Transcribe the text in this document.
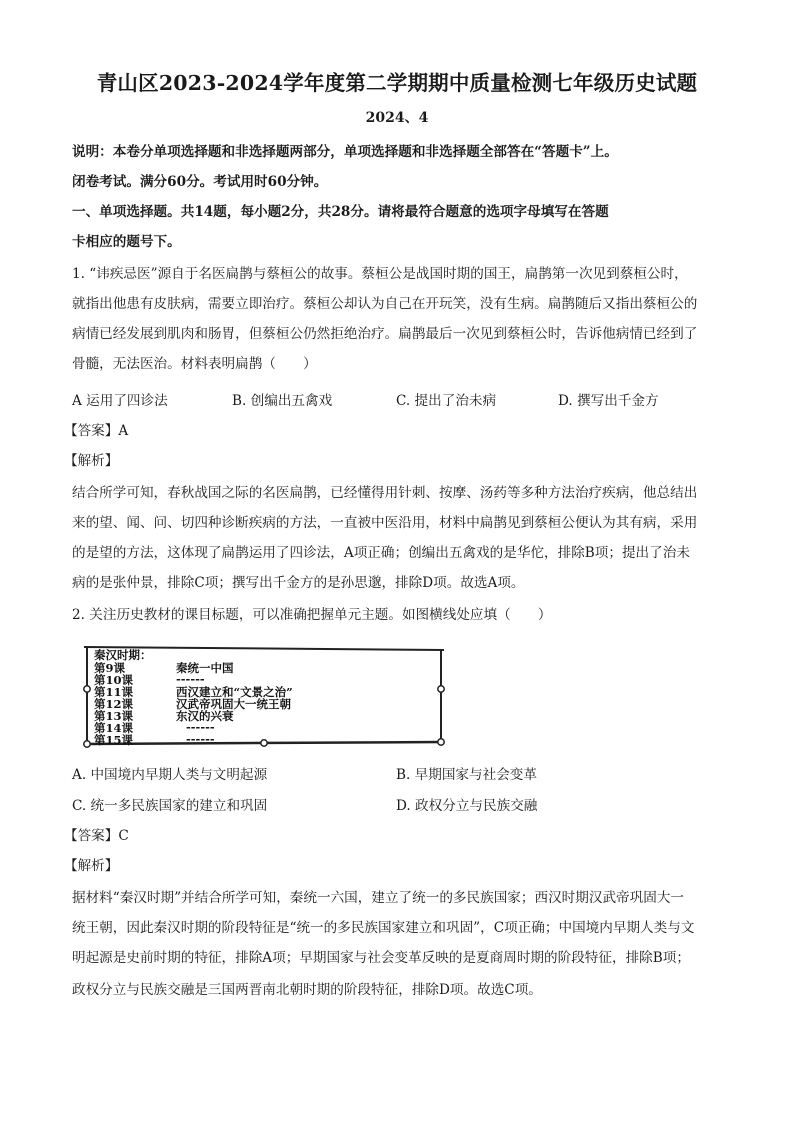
青山区2023-2024学年度第二学期期中质量检测七年级历史试题
2024、4
说明：本卷分单项选择题和非选择题两部分，单项选择题和非选择题全部答在“答题卡”上。
闭卷考试。满分60分。考试用时60分钟。
一、单项选择题。共14题，每小题2分，共28分。请将最符合题意的选项字母填写在答题
卡相应的题号下。
1. “讳疾忌医”源自于名医扁鹊与蔡桓公的故事。蔡桓公是战国时期的国王，扁鹊第一次见到蔡桓公时，
就指出他患有皮肤病，需要立即治疗。蔡桓公却认为自己在开玩笑，没有生病。扁鹊随后又指出蔡桓公的
病情已经发展到肌肉和肠胃，但蔡桓公仍然拒绝治疗。扁鹊最后一次见到蔡桓公时，告诉他病情已经到了
骨髓，无法医治。材料表明扁鹊（　　）
A 运用了四诊法	B. 创编出五禽戏	C. 提出了治未病	D. 撰写出千金方
【答案】A
【解析】
结合所学可知，春秋战国之际的名医扁鹊，已经懂得用针刺、按摩、汤药等多种方法治疗疾病，他总结出
来的望、闻、问、切四种诊断疾病的方法，一直被中医沿用，材料中扁鹊见到蔡桓公便认为其有病，采用
的是望的方法，这体现了扁鹊运用了四诊法，A项正确；创编出五禽戏的是华佗，排除B项；提出了治未
病的是张仲景，排除C项；撰写出千金方的是孙思邈，排除D项。故选A项。
2. 关注历史教材的课目标题，可以准确把握单元主题。如图横线处应填（　　）
秦汉时期：
第9课	秦统一中国
第10课	------
第11课	西汉建立和“文景之治”
第12课	汉武帝巩固大一统王朝
第13课	东汉的兴衰
第14课	------
第15课	------
A. 中国境内早期人类与文明起源	B. 早期国家与社会变革
C. 统一多民族国家的建立和巩固	D. 政权分立与民族交融
【答案】C
【解析】
据材料“秦汉时期”并结合所学可知，秦统一六国，建立了统一的多民族国家；西汉时期汉武帝巩固大一
统王朝，因此秦汉时期的阶段特征是“统一的多民族国家建立和巩固”，C项正确；中国境内早期人类与文
明起源是史前时期的特征，排除A项；早期国家与社会变革反映的是夏商周时期的阶段特征，排除B项；
政权分立与民族交融是三国两晋南北朝时期的阶段特征，排除D项。故选C项。
